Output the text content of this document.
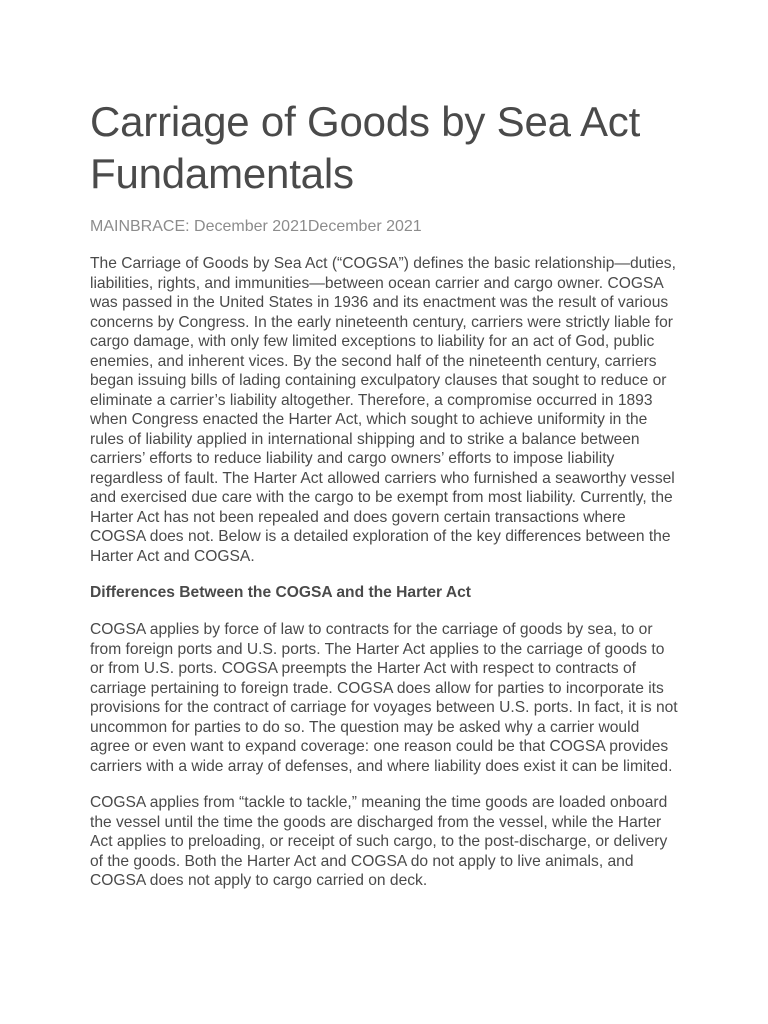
Carriage of Goods by Sea Act Fundamentals
MAINBRACE: December 2021December 2021

The Carriage of Goods by Sea Act (“COGSA”) defines the basic relationship—duties, liabilities, rights, and immunities—between ocean carrier and cargo owner. COGSA was passed in the United States in 1936 and its enactment was the result of various concerns by Congress. In the early nineteenth century, carriers were strictly liable for cargo damage, with only few limited exceptions to liability for an act of God, public enemies, and inherent vices. By the second half of the nineteenth century, carriers began issuing bills of lading containing exculpatory clauses that sought to reduce or eliminate a carrier’s liability altogether. Therefore, a compromise occurred in 1893 when Congress enacted the Harter Act, which sought to achieve uniformity in the rules of liability applied in international shipping and to strike a balance between carriers’ efforts to reduce liability and cargo owners’ efforts to impose liability regardless of fault. The Harter Act allowed carriers who furnished a seaworthy vessel and exercised due care with the cargo to be exempt from most liability. Currently, the Harter Act has not been repealed and does govern certain transactions where COGSA does not. Below is a detailed exploration of the key differences between the Harter Act and COGSA.

Differences Between the COGSA and the Harter Act

COGSA applies by force of law to contracts for the carriage of goods by sea, to or from foreign ports and U.S. ports. The Harter Act applies to the carriage of goods to or from U.S. ports. COGSA preempts the Harter Act with respect to contracts of carriage pertaining to foreign trade. COGSA does allow for parties to incorporate its provisions for the contract of carriage for voyages between U.S. ports. In fact, it is not uncommon for parties to do so. The question may be asked why a carrier would agree or even want to expand coverage: one reason could be that COGSA provides carriers with a wide array of defenses, and where liability does exist it can be limited.

COGSA applies from “tackle to tackle,” meaning the time goods are loaded onboard the vessel until the time the goods are discharged from the vessel, while the Harter Act applies to preloading, or receipt of such cargo, to the post-discharge, or delivery of the goods. Both the Harter Act and COGSA do not apply to live animals, and COGSA does not apply to cargo carried on deck.
